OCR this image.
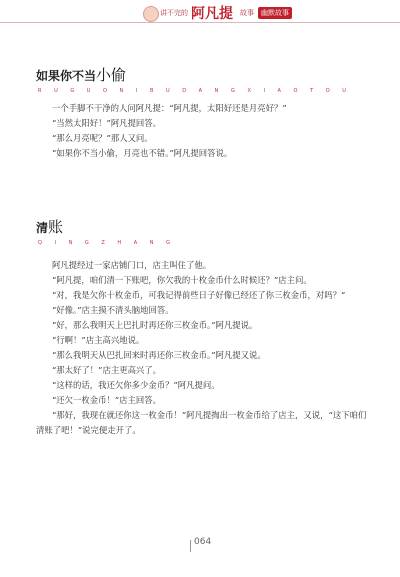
讲不完的 阿凡提 故事	幽默故事
如果你不当小偷
R U G U O N I B U D A N G X I A O T O U

一个手脚不干净的人问阿凡提：“阿凡提，太阳好还是月亮好？”

“当然太阳好！”阿凡提回答。

“那么月亮呢？”那人又问。

“如果你不当小偷，月亮也不错。”阿凡提回答说。

清账
Q I N G Z H A N G

阿凡提经过一家店铺门口，店主叫住了他。

“阿凡提，咱们清一下账吧，你欠我的十枚金币什么时候还？”店主问。

“对，我是欠你十枚金币，可我记得前些日子好像已经还了你三枚金币，对吗？”

“好像。”店主摸不清头脑地回答。

“好，那么我明天上巴扎时再还你三枚金币。”阿凡提说。

“行啊！”店主高兴地说。

“那么我明天从巴扎回来时再还你三枚金币。”阿凡提又说。

“那太好了！”店主更高兴了。

“这样的话，我还欠你多少金币？”阿凡提问。

“还欠一枚金币！”店主回答。

“那好，我现在就还你这一枚金币！”阿凡提掏出一枚金币给了店主，又说，“这下咱们清账了吧！”说完便走开了。

064
